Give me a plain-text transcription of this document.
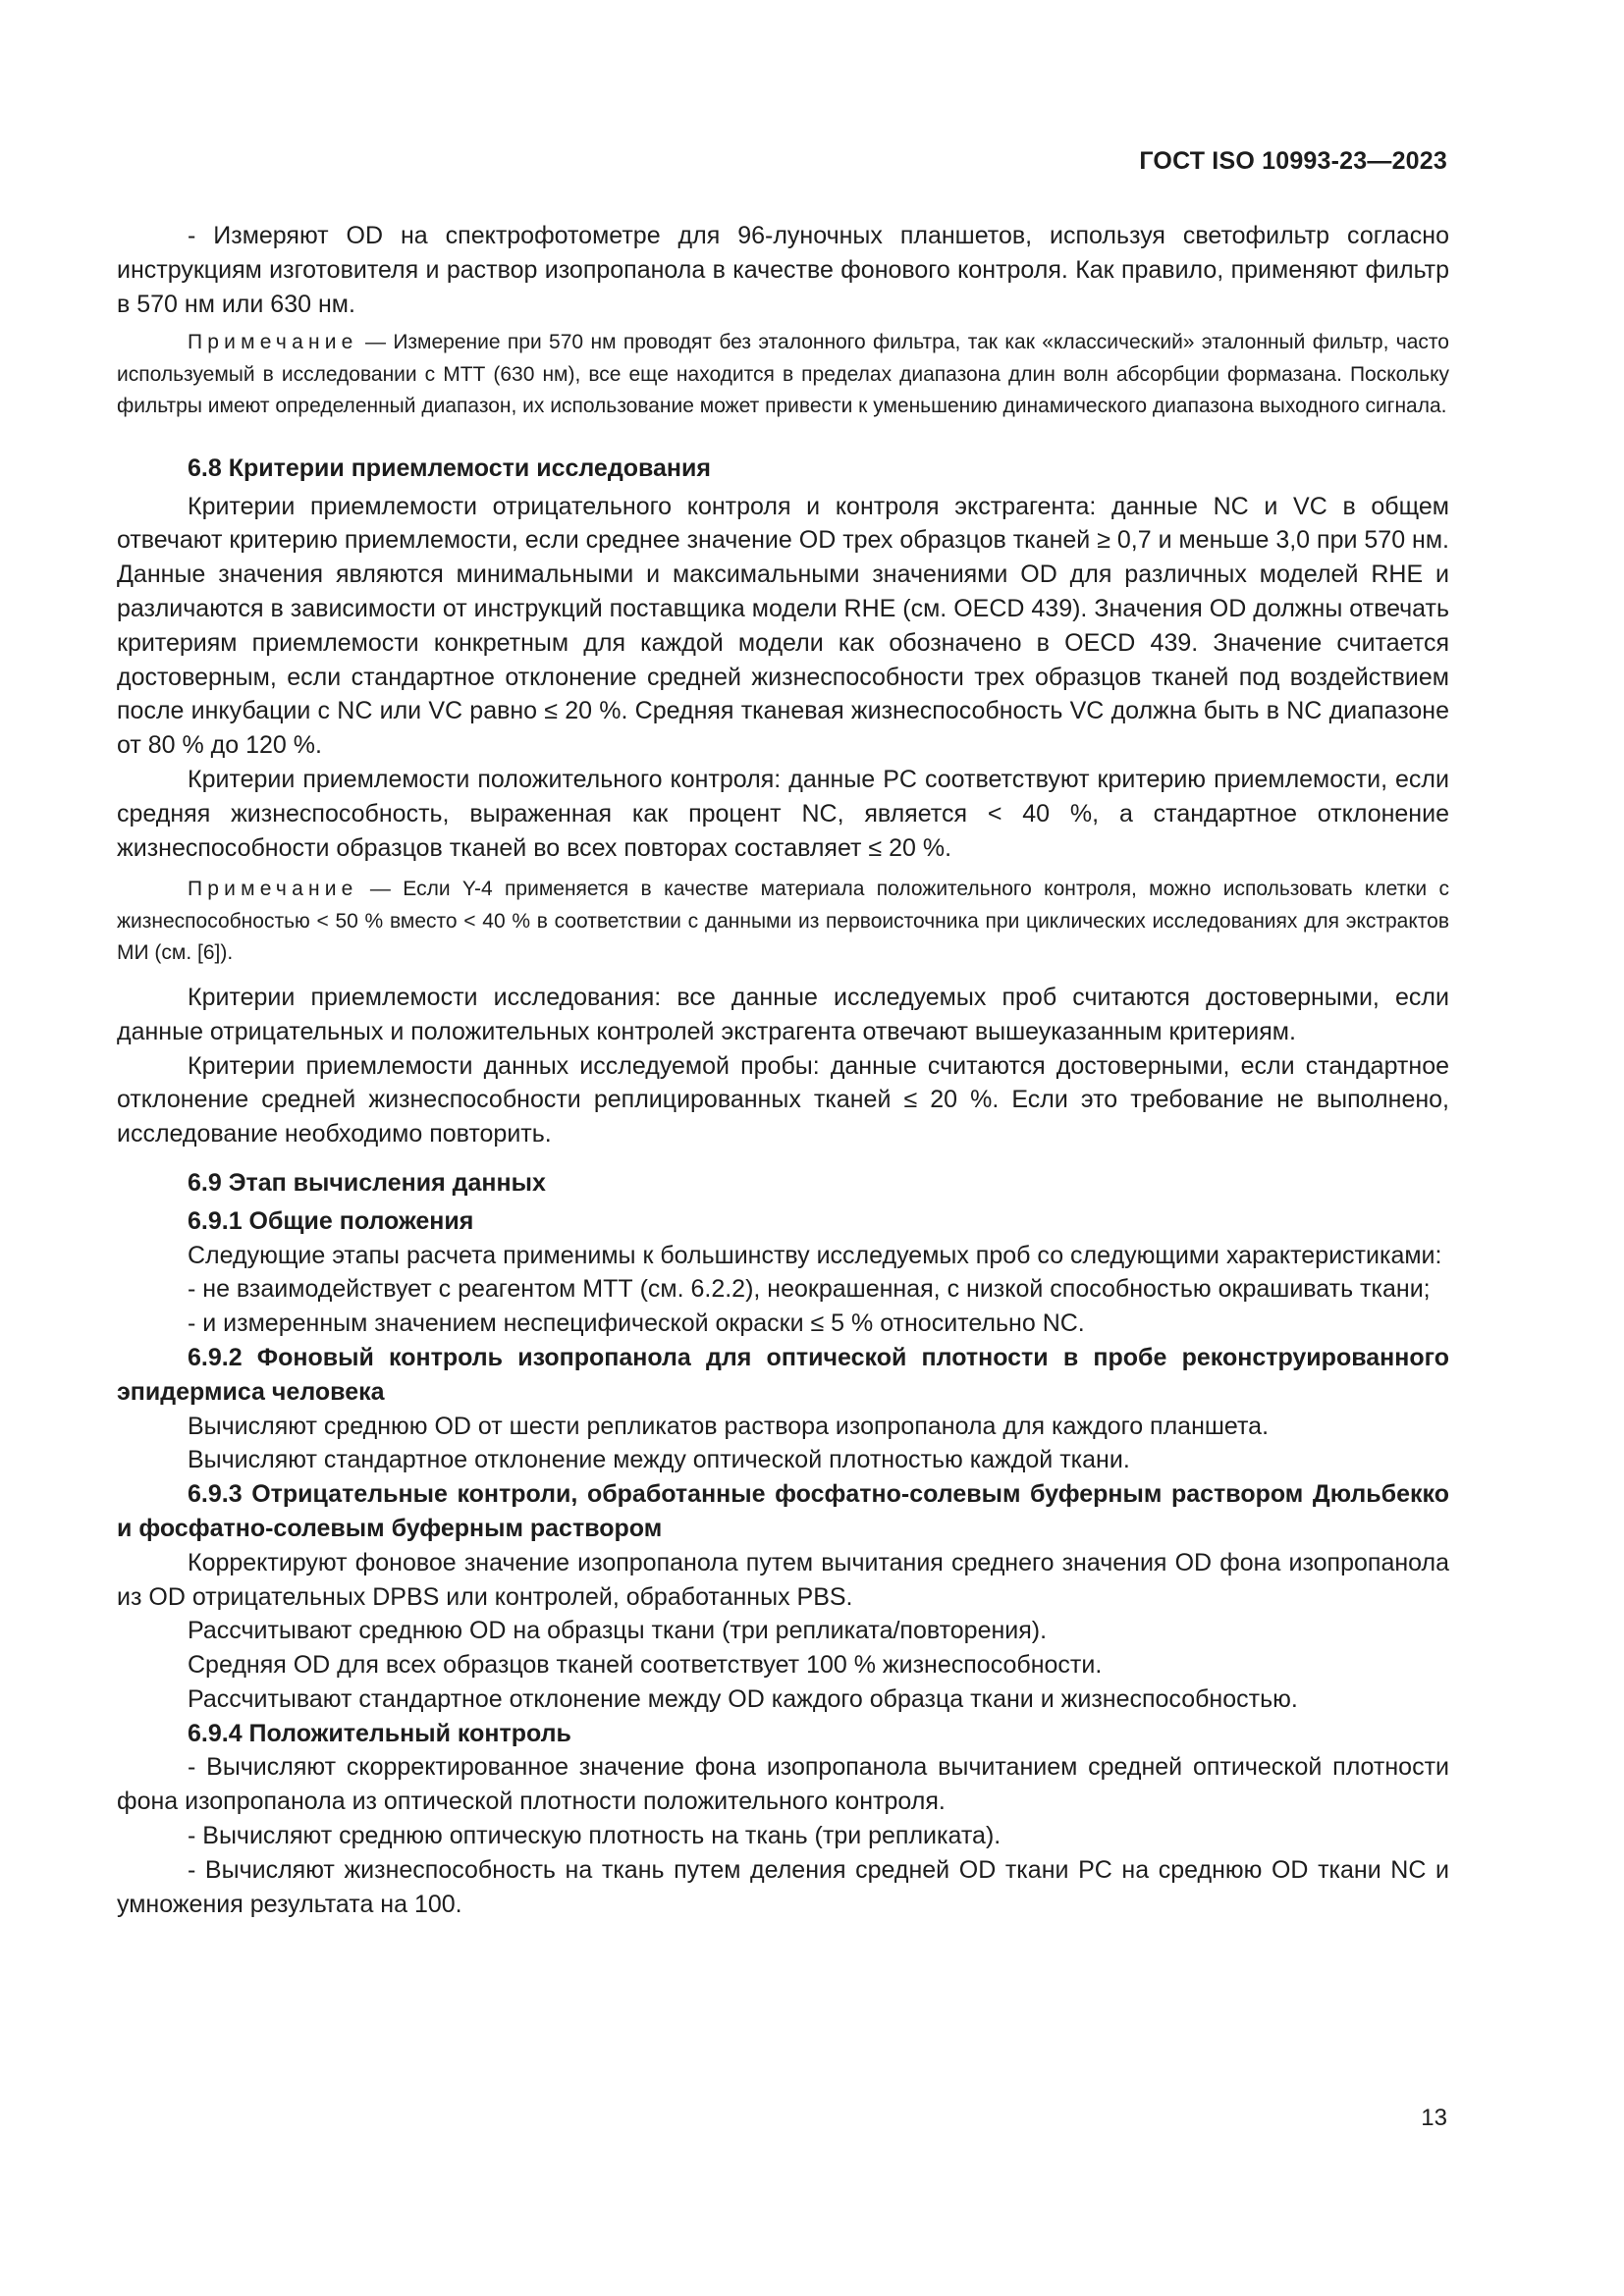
ГОСТ ISO 10993-23—2023

- Измеряют OD на спектрофотометре для 96-луночных планшетов, используя светофильтр согласно инструкциям изготовителя и раствор изопропанола в качестве фонового контроля. Как правило, применяют фильтр в 570 нм или 630 нм.

Примечание — Измерение при 570 нм проводят без эталонного фильтра, так как «классический» эталонный фильтр, часто используемый в исследовании с МТТ (630 нм), все еще находится в пределах диапазона длин волн абсорбции формазана. Поскольку фильтры имеют определенный диапазон, их использование может привести к уменьшению динамического диапазона выходного сигнала.

6.8 Критерии приемлемости исследования

Критерии приемлемости отрицательного контроля и контроля экстрагента: данные NC и VC в общем отвечают критерию приемлемости, если среднее значение OD трех образцов тканей ≥ 0,7 и меньше 3,0 при 570 нм. Данные значения являются минимальными и максимальными значениями OD для различных моделей RHE и различаются в зависимости от инструкций поставщика модели RHE (см. OECD 439). Значения OD должны отвечать критериям приемлемости конкретным для каждой модели как обозначено в OECD 439. Значение считается достоверным, если стандартное отклонение средней жизнеспособности трех образцов тканей под воздействием после инкубации с NC или VC равно ≤ 20 %. Средняя тканевая жизнеспособность VC должна быть в NC диапазоне от 80 % до 120 %.

Критерии приемлемости положительного контроля: данные PC соответствуют критерию приемлемости, если средняя жизнеспособность, выраженная как процент NC, является < 40 %, а стандартное отклонение жизнеспособности образцов тканей во всех повторах составляет ≤ 20 %.

Примечание — Если Y-4 применяется в качестве материала положительного контроля, можно использовать клетки с жизнеспособностью < 50 % вместо < 40 % в соответствии с данными из первоисточника при циклических исследованиях для экстрактов МИ (см. [6]).

Критерии приемлемости исследования: все данные исследуемых проб считаются достоверными, если данные отрицательных и положительных контролей экстрагента отвечают вышеуказанным критериям.

Критерии приемлемости данных исследуемой пробы: данные считаются достоверными, если стандартное отклонение средней жизнеспособности реплицированных тканей ≤ 20 %. Если это требование не выполнено, исследование необходимо повторить.

6.9 Этап вычисления данных
6.9.1 Общие положения

Следующие этапы расчета применимы к большинству исследуемых проб со следующими характеристиками:

- не взаимодействует с реагентом МТТ (см. 6.2.2), неокрашенная, с низкой способностью окрашивать ткани;

- и измеренным значением неспецифической окраски ≤ 5 % относительно NC.

6.9.2 Фоновый контроль изопропанола для оптической плотности в пробе реконструированного эпидермиса человека

Вычисляют среднюю OD от шести репликатов раствора изопропанола для каждого планшета.

Вычисляют стандартное отклонение между оптической плотностью каждой ткани.

6.9.3 Отрицательные контроли, обработанные фосфатно-солевым буферным раствором Дюльбекко и фосфатно-солевым буферным раствором

Корректируют фоновое значение изопропанола путем вычитания среднего значения OD фона изопропанола из OD отрицательных DPBS или контролей, обработанных PBS.

Рассчитывают среднюю OD на образцы ткани (три репликата/повторения).

Средняя OD для всех образцов тканей соответствует 100 % жизнеспособности.

Рассчитывают стандартное отклонение между OD каждого образца ткани и жизнеспособностью.

6.9.4 Положительный контроль

- Вычисляют скорректированное значение фона изопропанола вычитанием средней оптической плотности фона изопропанола из оптической плотности положительного контроля.

- Вычисляют среднюю оптическую плотность на ткань (три репликата).

- Вычисляют жизнеспособность на ткань путем деления средней OD ткани PC на среднюю OD ткани NC и умножения результата на 100.

13
